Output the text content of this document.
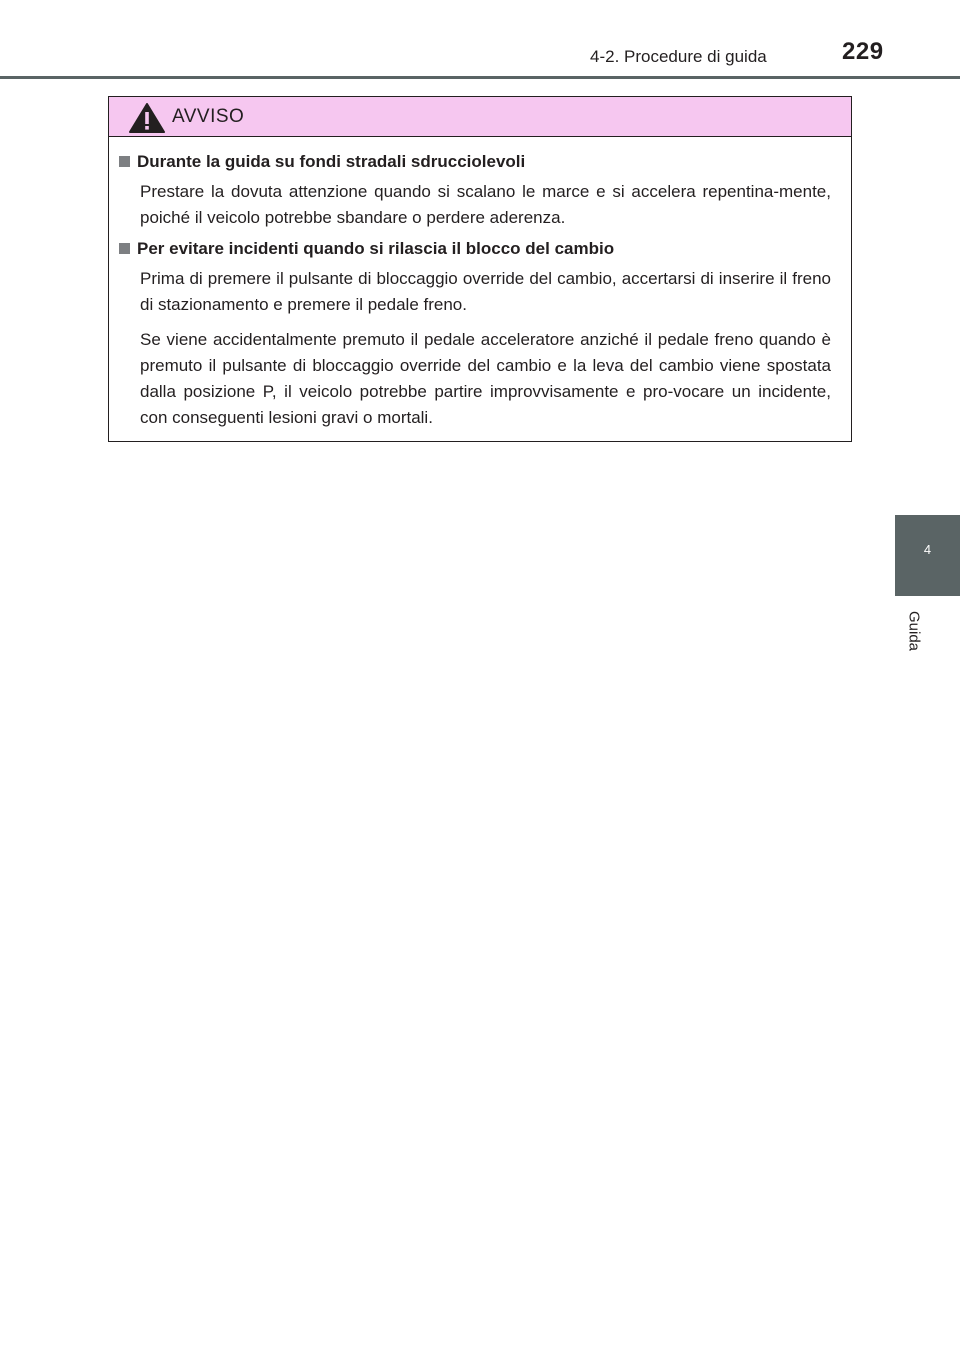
4-2. Procedure di guida	229
4
Guida
AVVISO
Durante la guida su fondi stradali sdrucciolevoli

Prestare la dovuta attenzione quando si scalano le marce e si accelera repentina-mente, poiché il veicolo potrebbe sbandare o perdere aderenza.

Per evitare incidenti quando si rilascia il blocco del cambio

Prima di premere il pulsante di bloccaggio override del cambio, accertarsi di inserire il freno di stazionamento e premere il pedale freno.

Se viene accidentalmente premuto il pedale acceleratore anziché il pedale freno quando è premuto il pulsante di bloccaggio override del cambio e la leva del cambio viene spostata dalla posizione P, il veicolo potrebbe partire improvvisamente e pro-vocare un incidente, con conseguenti lesioni gravi o mortali.
